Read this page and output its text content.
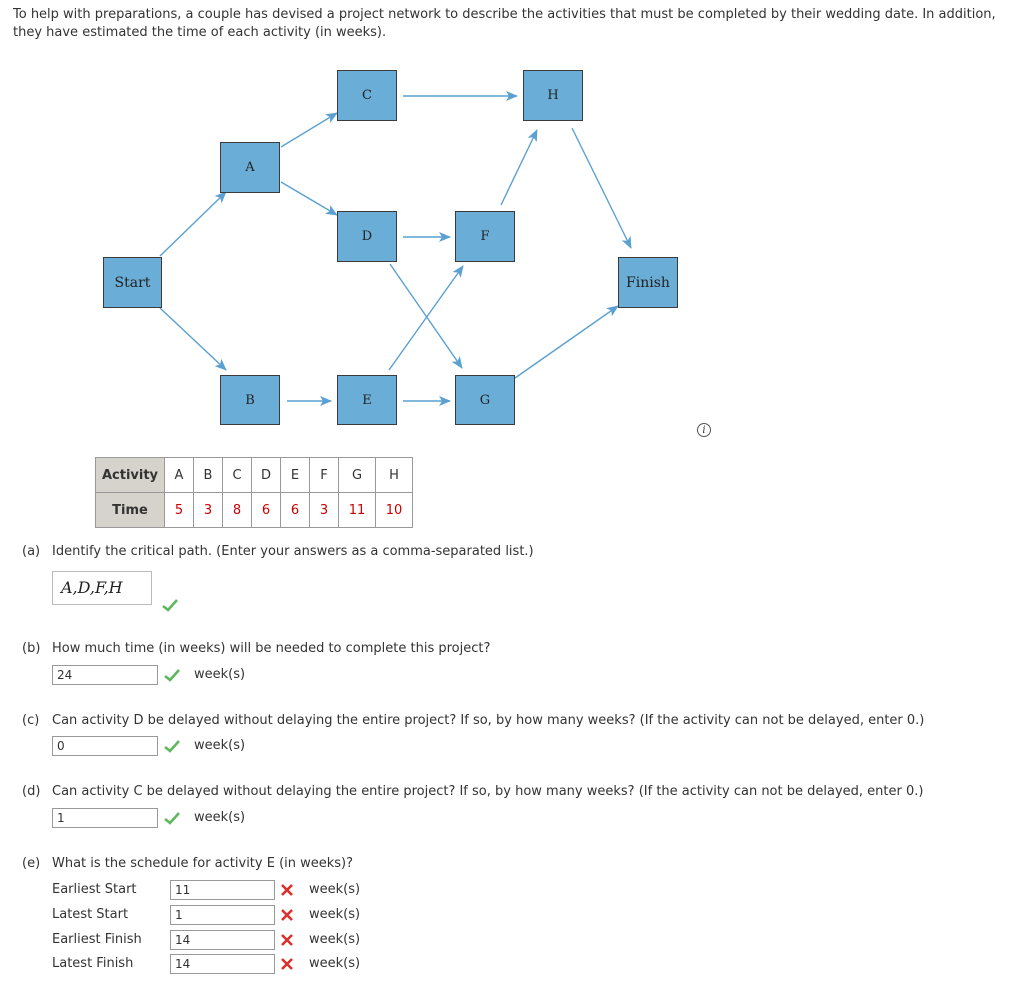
To help with preparations, a couple has devised a project network to describe the activities that must be completed by their wedding date. In addition, they have estimated the time of each activity (in weeks).
Start
A
B
C
D
E
F
G
H
Finish
i
Activity	A	B	C	D	E	F	G	H
Time	5	3	8	6	6	3	11	10
(a) Identify the critical path. (Enter your answers as a comma-separated list.)
A,D,F,H
(b) How much time (in weeks) will be needed to complete this project?
24
week(s)
(c) Can activity D be delayed without delaying the entire project? If so, by how many weeks? (If the activity can not be delayed, enter 0.)
0
week(s)
(d) Can activity C be delayed without delaying the entire project? If so, by how many weeks? (If the activity can not be delayed, enter 0.)
1
week(s)
(e) What is the schedule for activity E (in weeks)?
Earliest Start
11	week(s)
Latest Start
1	week(s)
Earliest Finish
14	week(s)
Latest Finish
14	week(s)
